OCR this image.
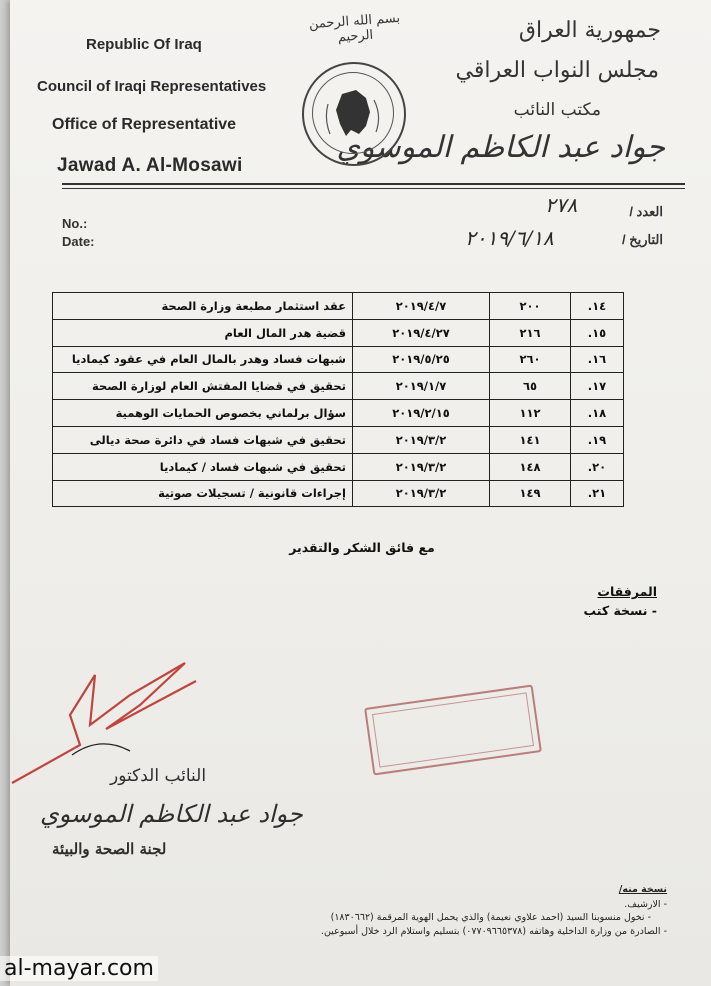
Republic Of Iraq
Council of Iraqi Representatives
Office of Representative
Jawad A. Al-Mosawi
بسم الله الرحمن الرحيم	جمهورية العراق
مجلس النواب العراقي
مكتب النائب
جواد عبد الكاظم الموسوي
No.:
Date:
العدد /
التاريخ /
٢٧٨
٢٠١٩/٦/١٨
١٤.	٢٠٠	٢٠١٩/٤/٧	عقد استثمار مطبعة وزارة الصحة
١٥.	٢١٦	٢٠١٩/٤/٢٧	قضية هدر المال العام
١٦.	٢٦٠	٢٠١٩/٥/٢٥	شبهات فساد وهدر بالمال العام في عقود كيماديا
١٧.	٦٥	٢٠١٩/١/٧	تحقيق في قضايا المفتش العام لوزارة الصحة
١٨.	١١٢	٢٠١٩/٢/١٥	سؤال برلماني بخصوص الحمايات الوهمية
١٩.	١٤١	٢٠١٩/٣/٢	تحقيق في شبهات فساد في دائرة صحة ديالى
٢٠.	١٤٨	٢٠١٩/٣/٢	تحقيق في شبهات فساد / كيماديا
٢١.	١٤٩	٢٠١٩/٣/٢	إجراءات قانونية / تسجيلات صوتية
مع فائق الشكر والتقدير
المرفقات
- نسخة كتب
النائب الدكتور
جواد عبد الكاظم الموسوي
لجنة الصحة والبيئة
نسخة منه/
- الارشيف.
- نخول منسوبنا السيد (احمد علاوي نعيمة) والذي يحمل الهوية المرقمة (١٨٣٠٦٦٢)
- الصادرة من وزارة الداخلية وهاتفه (٠٧٧٠٩٦٦٥٣٧٨) بتسليم واستلام الرد خلال أسبوعين.
al-mayar.com
